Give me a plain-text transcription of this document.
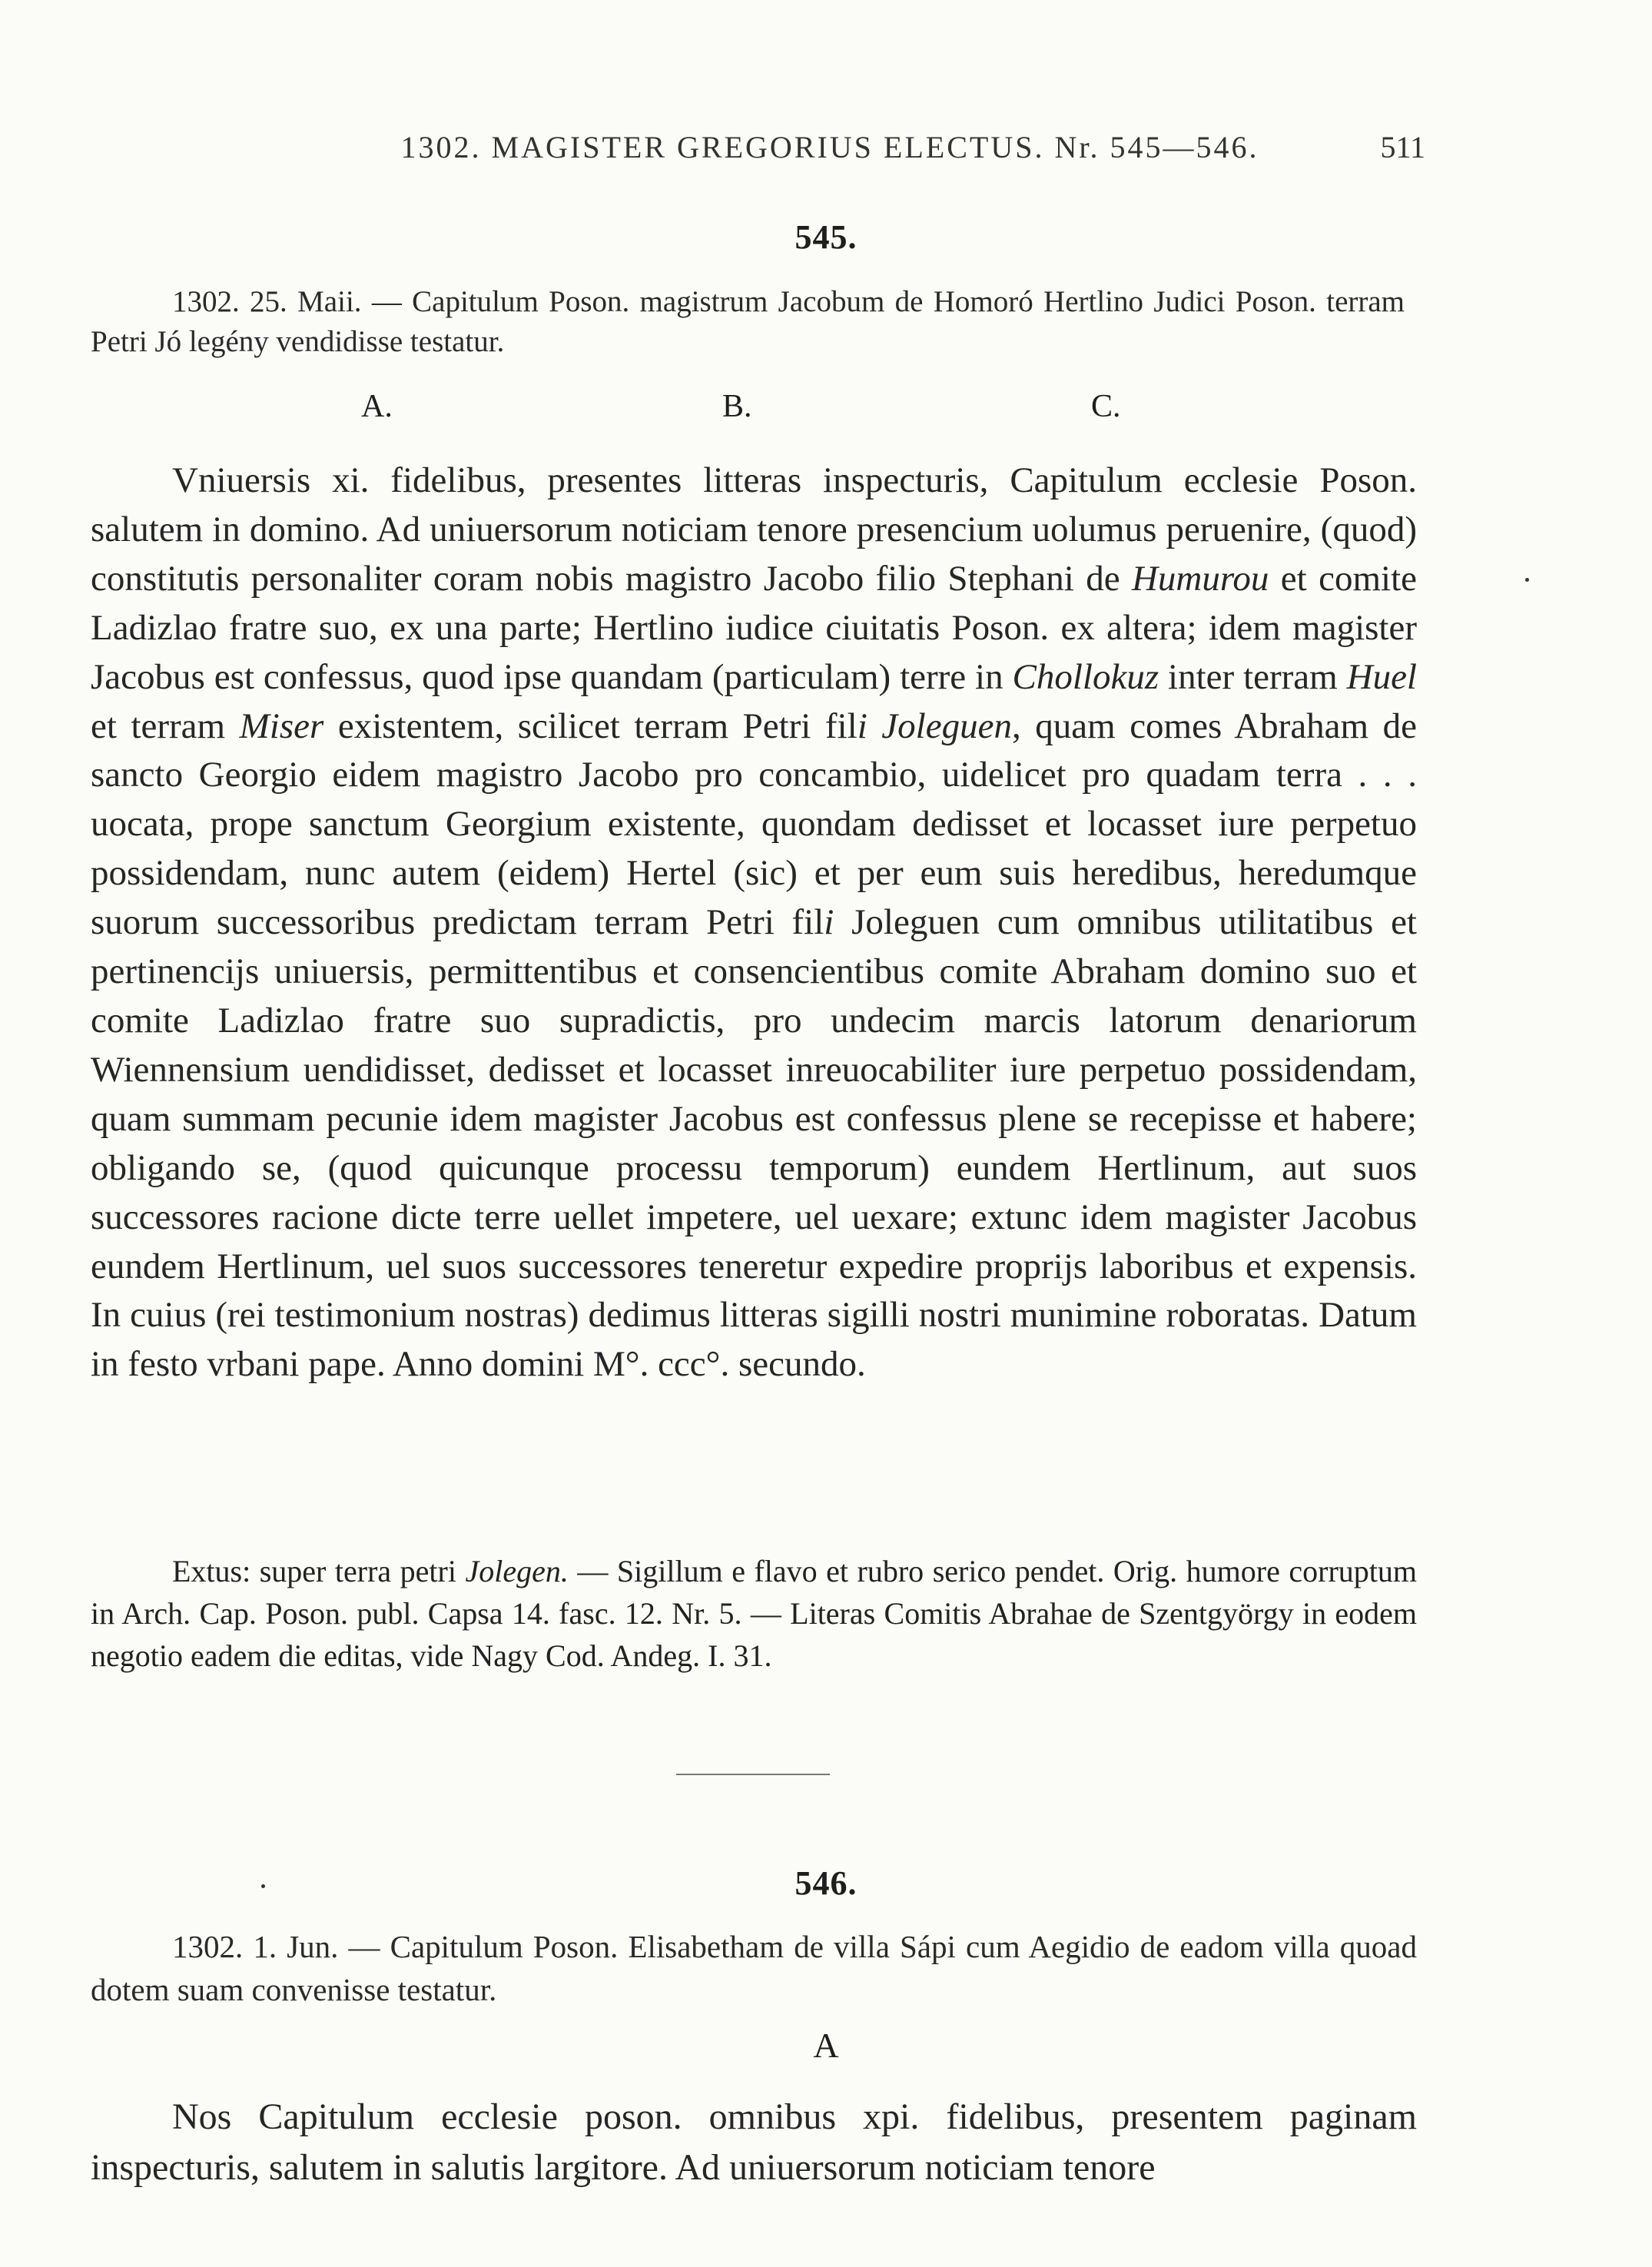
1302. MAGISTER GREGORIUS ELECTUS. Nr. 545—546.	511
545.
1302. 25. Maii. — Capitulum Poson. magistrum Jacobum de Homoró Hertlino Judici Poson. terram Petri Jó legény vendidisse testatur.
A.	B.	C.
Vniuersis xi. fidelibus, presentes litteras inspecturis, Capitulum ecclesie Poson. salutem in domino. Ad uniuersorum noticiam tenore presencium uolumus peruenire, (quod) constitutis personaliter coram nobis magistro Jacobo filio Stephani de Humurou et comite Ladizlao fratre suo, ex una parte; Hertlino iudice ciuitatis Poson. ex altera; idem magister Jacobus est confessus, quod ipse quandam (particulam) terre in Chollokuz inter terram Huel et terram Miser existentem, scilicet terram Petri fili Joleguen, quam comes Abraham de sancto Georgio eidem magistro Jacobo pro concambio, uidelicet pro quadam terra . . . uocata, prope sanctum Georgium existente, quondam dedisset et locasset iure perpetuo possidendam, nunc autem (eidem) Hertel (sic) et per eum suis heredibus, heredumque suorum successoribus predictam terram Petri fili Joleguen cum omnibus utilitatibus et pertinencijs uniuersis, permittentibus et consencientibus comite Abraham domino suo et comite Ladizlao fratre suo supradictis, pro undecim marcis latorum denariorum Wiennensium uendidisset, dedisset et locasset inreuocabiliter iure perpetuo possidendam, quam summam pecunie idem magister Jacobus est confessus plene se recepisse et habere; obligando se, (quod quicunque processu temporum) eundem Hertlinum, aut suos successores racione dicte terre uellet impetere, uel uexare; extunc idem magister Jacobus eundem Hertlinum, uel suos successores teneretur expedire proprijs laboribus et expensis. In cuius (rei testimonium nostras) dedimus litteras sigilli nostri munimine roboratas. Datum in festo vrbani pape. Anno domini M°. ccc°. secundo.
Extus: super terra petri Jolegen. — Sigillum e flavo et rubro serico pendet. Orig. humore corruptum in Arch. Cap. Poson. publ. Capsa 14. fasc. 12. Nr. 5. — Literas Comitis Abrahae de Szentgyörgy in eodem negotio eadem die editas, vide Nagy Cod. Andeg. I. 31.
546.
1302. 1. Jun. — Capitulum Poson. Elisabetham de villa Sápi cum Aegidio de eadom villa quoad dotem suam convenisse testatur.
A
Nos Capitulum ecclesie poson. omnibus xpi. fidelibus, presentem paginam inspecturis, salutem in salutis largitore. Ad uniuersorum noticiam tenore
